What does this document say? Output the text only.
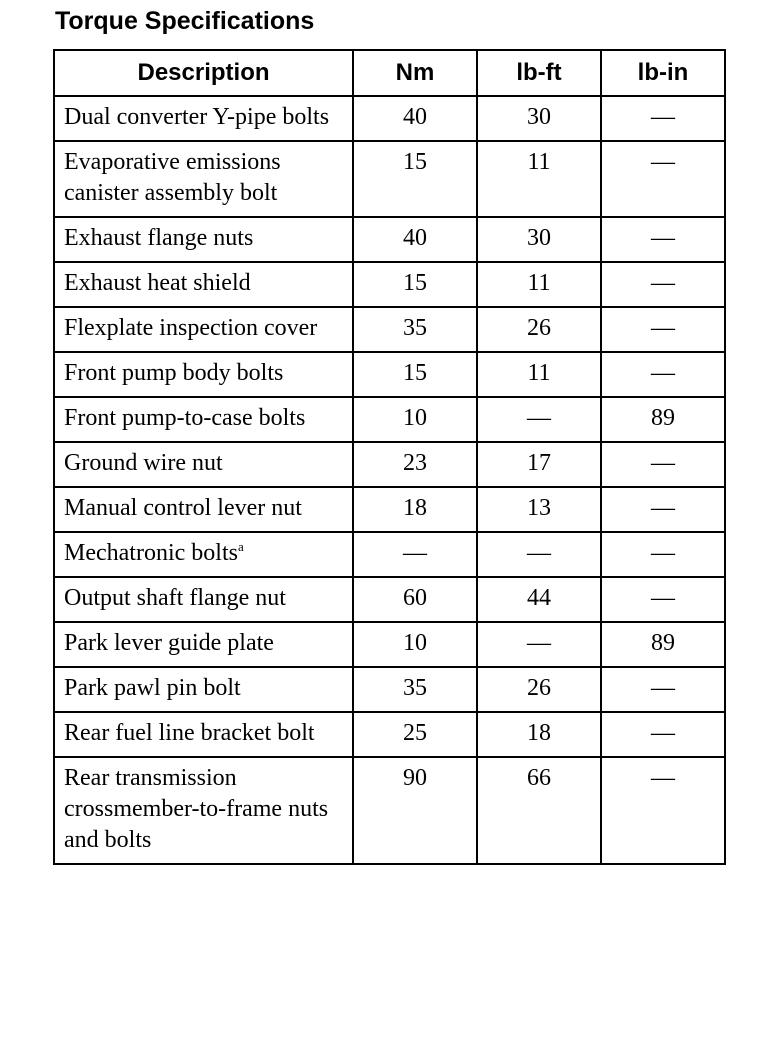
Torque Specifications
Description	Nm	lb-ft	lb-in
Dual converter Y-pipe bolts	40	30	—
Evaporative emissions canister assembly bolt	15	11	—
Exhaust flange nuts	40	30	—
Exhaust heat shield	15	11	—
Flexplate inspection cover	35	26	—
Front pump body bolts	15	11	—
Front pump-to-case bolts	10	—	89
Ground wire nut	23	17	—
Manual control lever nut	18	13	—
Mechatronic bolts$^a$	—	—	—
Output shaft flange nut	60	44	—
Park lever guide plate	10	—	89
Park pawl pin bolt	35	26	—
Rear fuel line bracket bolt	25	18	—
Rear transmission crossmember-to-frame nuts and bolts	90	66	—
